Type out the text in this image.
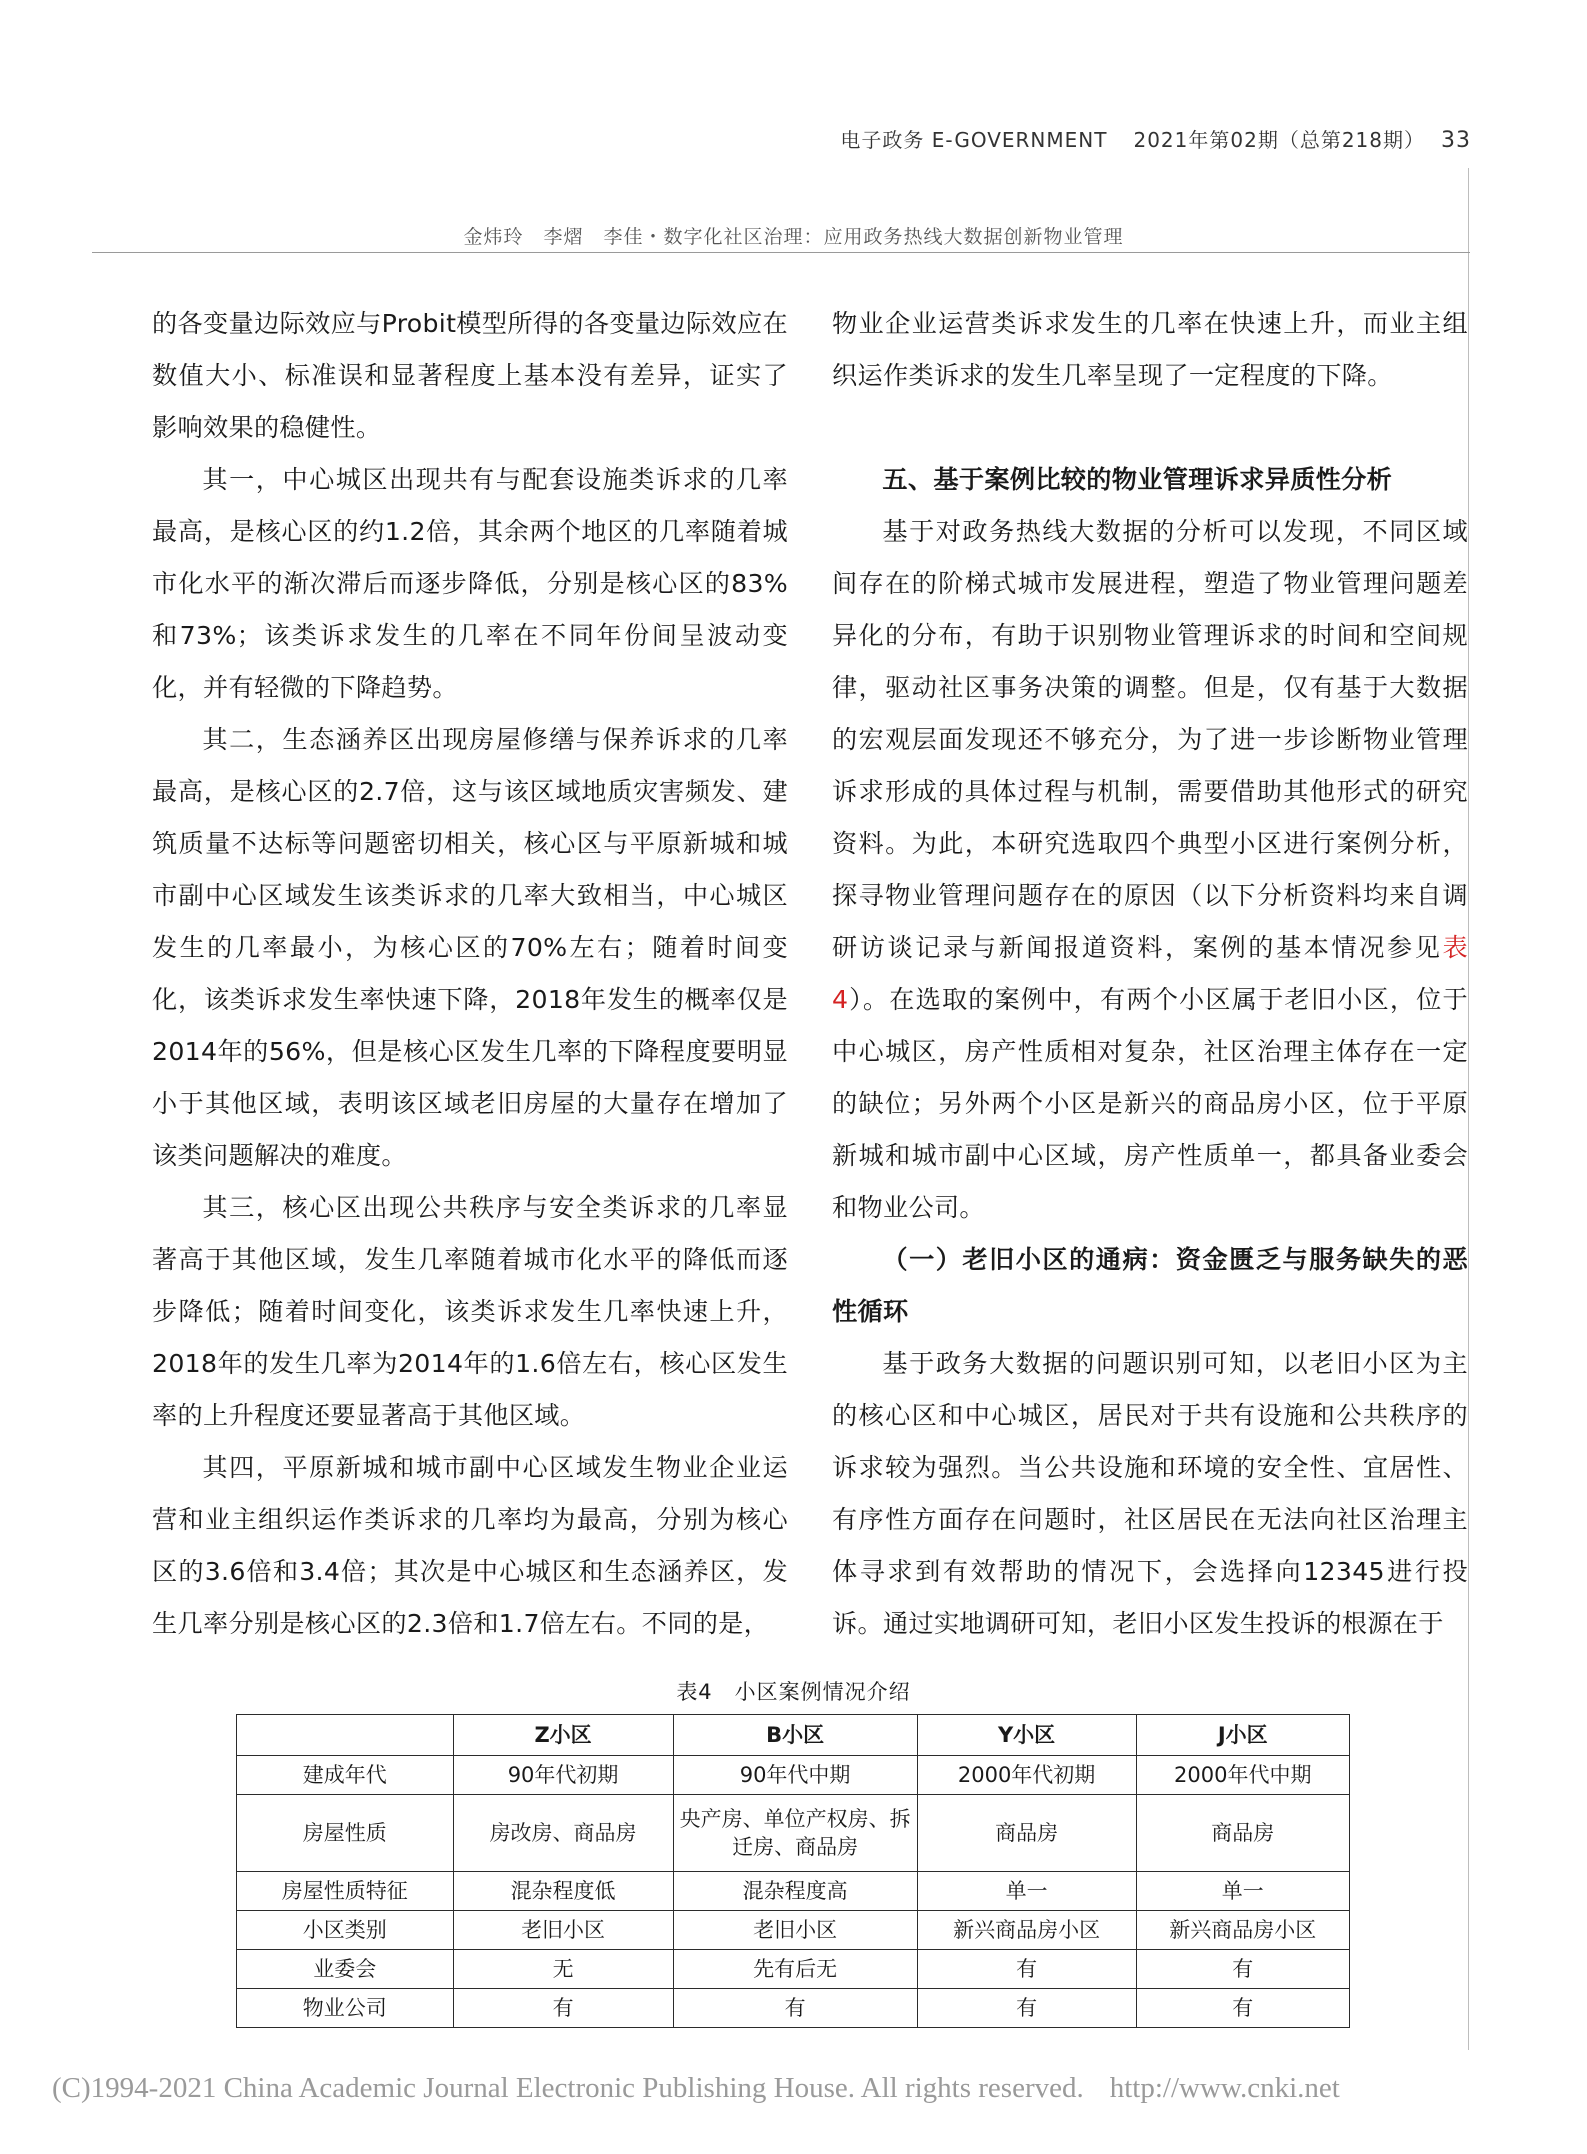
电子政务 E-GOVERNMENT 2021年第02期（总第218期） 33
金炜玲　李熠　李佳・数字化社区治理：应用政务热线大数据创新物业管理

的各变量边际效应与Probit模型所得的各变量边际效应在数值大小、标准误和显著程度上基本没有差异，证实了影响效果的稳健性。

其一，中心城区出现共有与配套设施类诉求的几率最高，是核心区的约1.2倍，其余两个地区的几率随着城市化水平的渐次滞后而逐步降低，分别是核心区的83%和73%；该类诉求发生的几率在不同年份间呈波动变化，并有轻微的下降趋势。

其二，生态涵养区出现房屋修缮与保养诉求的几率最高，是核心区的2.7倍，这与该区域地质灾害频发、建筑质量不达标等问题密切相关，核心区与平原新城和城市副中心区域发生该类诉求的几率大致相当，中心城区发生的几率最小，为核心区的70%左右；随着时间变化，该类诉求发生率快速下降，2018年发生的概率仅是2014年的56%，但是核心区发生几率的下降程度要明显小于其他区域，表明该区域老旧房屋的大量存在增加了该类问题解决的难度。

其三，核心区出现公共秩序与安全类诉求的几率显著高于其他区域，发生几率随着城市化水平的降低而逐步降低；随着时间变化，该类诉求发生几率快速上升，2018年的发生几率为2014年的1.6倍左右，核心区发生率的上升程度还要显著高于其他区域。

其四，平原新城和城市副中心区域发生物业企业运营和业主组织运作类诉求的几率均为最高，分别为核心区的3.6倍和3.4倍；其次是中心城区和生态涵养区，发生几率分别是核心区的2.3倍和1.7倍左右。不同的是，

物业企业运营类诉求发生的几率在快速上升，而业主组织运作类诉求的发生几率呈现了一定程度的下降。

五、基于案例比较的物业管理诉求异质性分析

基于对政务热线大数据的分析可以发现，不同区域间存在的阶梯式城市发展进程，塑造了物业管理问题差异化的分布，有助于识别物业管理诉求的时间和空间规律，驱动社区事务决策的调整。但是，仅有基于大数据的宏观层面发现还不够充分，为了进一步诊断物业管理诉求形成的具体过程与机制，需要借助其他形式的研究资料。为此，本研究选取四个典型小区进行案例分析，探寻物业管理问题存在的原因（以下分析资料均来自调研访谈记录与新闻报道资料，案例的基本情况参见表4）。在选取的案例中，有两个小区属于老旧小区，位于中心城区，房产性质相对复杂，社区治理主体存在一定的缺位；另外两个小区是新兴的商品房小区，位于平原新城和城市副中心区域，房产性质单一，都具备业委会和物业公司。

（一）老旧小区的通病：资金匮乏与服务缺失的恶性循环

基于政务大数据的问题识别可知，以老旧小区为主的核心区和中心城区，居民对于共有设施和公共秩序的诉求较为强烈。当公共设施和环境的安全性、宜居性、有序性方面存在问题时，社区居民在无法向社区治理主体寻求到有效帮助的情况下，会选择向12345进行投诉。通过实地调研可知，老旧小区发生投诉的根源在于

表4　小区案例情况介绍
	Z小区	B小区	Y小区	J小区
建成年代	90年代初期	90年代中期	2000年代初期	2000年代中期
房屋性质	房改房、商品房	央产房、单位产权房、拆迁房、商品房	商品房	商品房
房屋性质特征	混杂程度低	混杂程度高	单一	单一
小区类别	老旧小区	老旧小区	新兴商品房小区	新兴商品房小区
业委会	无	先有后无	有	有
物业公司	有	有	有	有
(C)1994-2021 China Academic Journal Electronic Publishing House. All rights reserved. http://www.cnki.net
